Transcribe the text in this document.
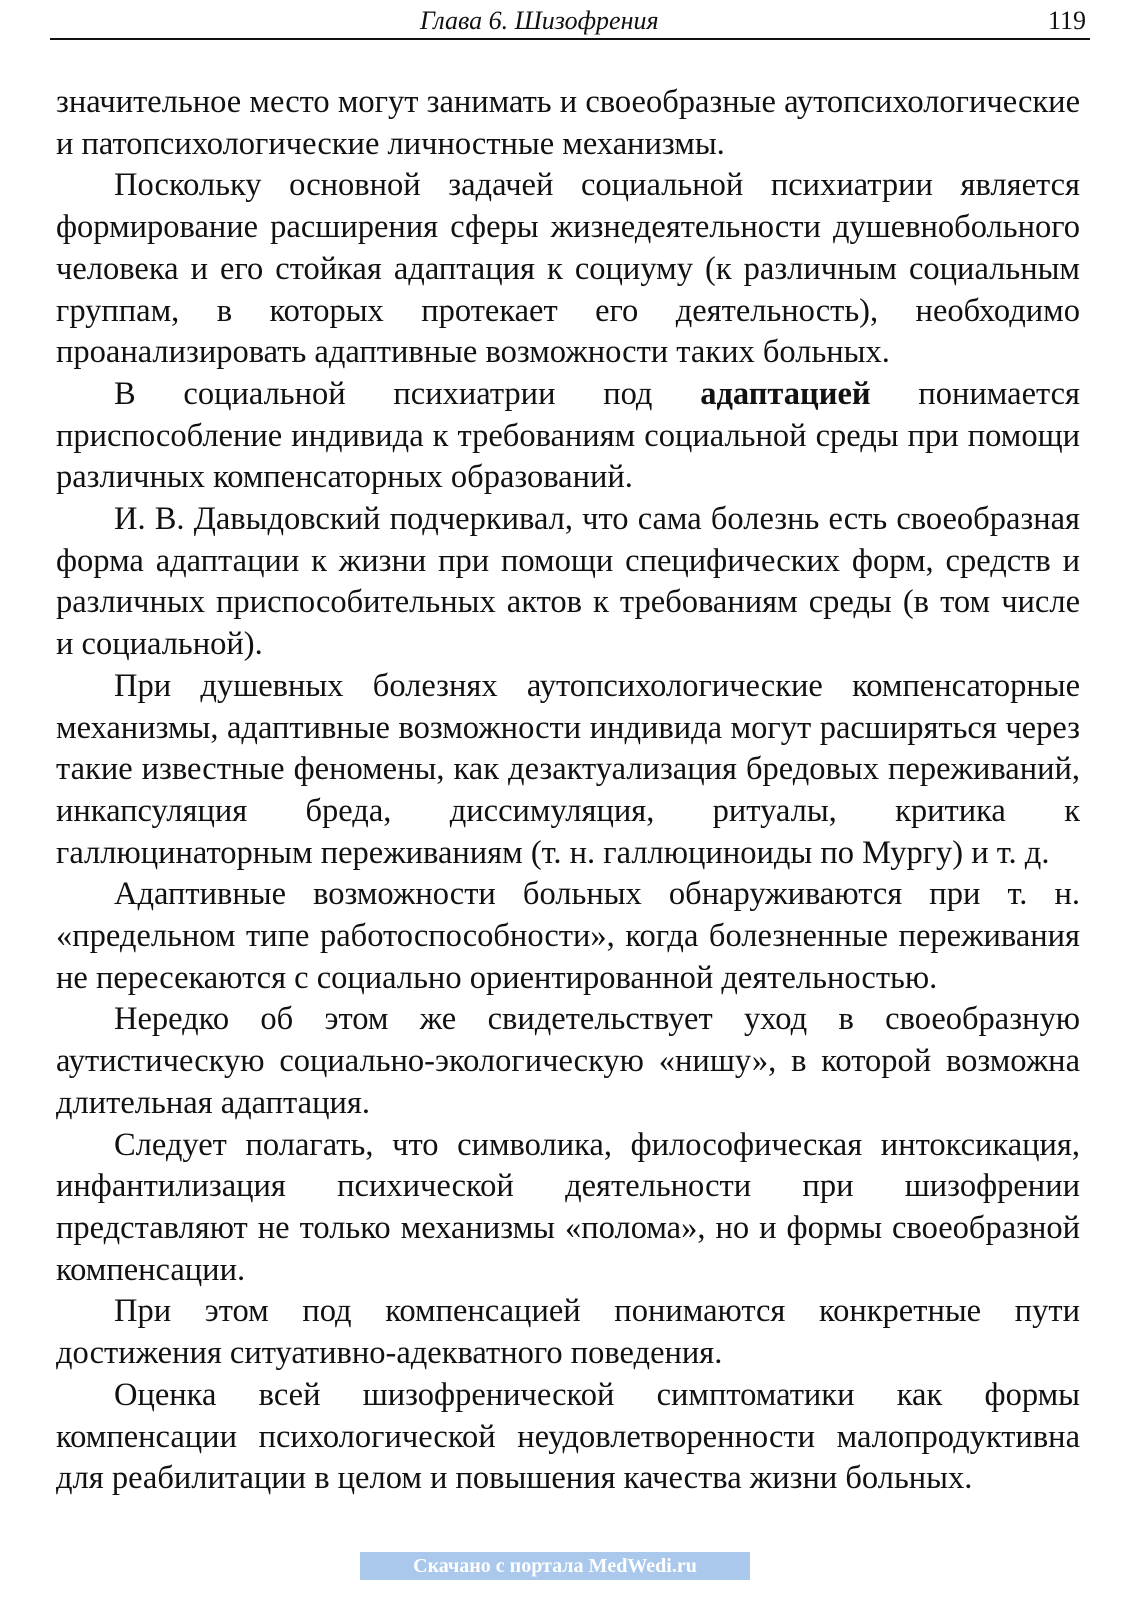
Глава 6. Шизофрения	119

значительное место могут занимать и своеобразные аутопсихологические и патопсихологические личностные механизмы.

Поскольку основной задачей социальной психиатрии является формирование расширения сферы жизнедеятельности душевнобольного человека и его стойкая адаптация к социуму (к различным социальным группам, в которых протекает его деятельность), необходимо проанализировать адаптивные возможности таких больных.

В социальной психиатрии под адаптацией понимается приспособление индивида к требованиям социальной среды при помощи различных компенсаторных образований.

И. В. Давыдовский подчеркивал, что сама болезнь есть своеобразная форма адаптации к жизни при помощи специфических форм, средств и различных приспособительных актов к требованиям среды (в том числе и социальной).

При душевных болезнях аутопсихологические компенсаторные механизмы, адаптивные возможности индивида могут расширяться через такие известные феномены, как дезактуализация бредовых переживаний, инкапсуляция бреда, диссимуляция, ритуалы, критика к галлюцинаторным переживаниям (т. н. галлюциноиды по Мургу) и т. д.

Адаптивные возможности больных обнаруживаются при т. н. «предельном типе работоспособности», когда болезненные переживания не пересекаются с социально ориентированной деятельностью.

Нередко об этом же свидетельствует уход в своеобразную аутистическую социально-экологическую «нишу», в которой возможна длительная адаптация.

Следует полагать, что символика, философическая интоксикация, инфантилизация психической деятельности при шизофрении представляют не только механизмы «полома», но и формы своеобразной компенсации.

При этом под компенсацией понимаются конкретные пути достижения ситуативно-адекватного поведения.

Оценка всей шизофренической симптоматики как формы компенсации психологической неудовлетворенности малопродуктивна для реабилитации в целом и повышения качества жизни больных.

Скачано с портала MedWedi.ru
